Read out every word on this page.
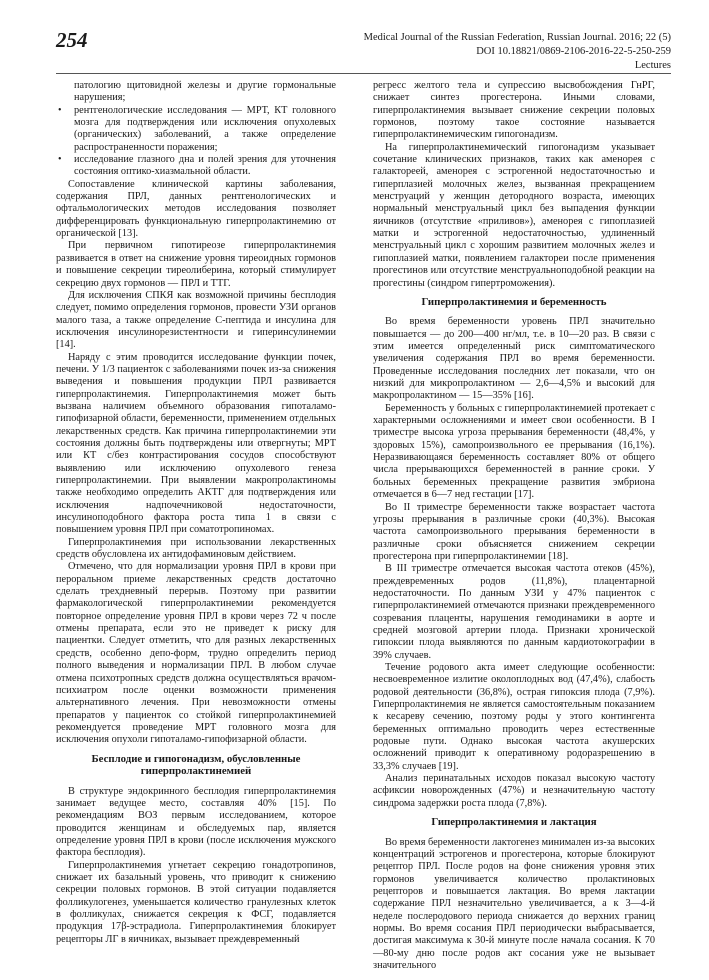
254	Medical Journal of the Russian Federation, Russian Journal. 2016; 22 (5)
DOI 10.18821/0869-2106-2016-22-5-250-259
Lectures

патологию щитовидной железы и другие гормональные нарушения;

• рентгенологические исследования — МРТ, КТ головного мозга для подтверждения или исключения опухолевых (органических) заболеваний, а также определение распространенности поражения;
• исследование глазного дна и полей зрения для уточнения состояния оптико-хиазмальной области.

Сопоставление клинической картины заболевания, содержания ПРЛ, данных рентгенологических и офтальмологических методов исследования позволяет дифференцировать функциональную гиперпролактинемию от органической [13].

При первичном гипотиреозе гиперпролактинемия развивается в ответ на снижение уровня тиреоидных гормонов и повышение секреции тиреолиберина, который стимулирует секрецию двух гормонов — ПРЛ и ТТГ.

Для исключения СПКЯ как возможной причины бесплодия следует, помимо определения гормонов, провести УЗИ органов малого таза, а также определение С-пептида и инсулина для исключения инсулинорезистентности и гиперинсулинемии [14].

Наряду с этим проводится исследование функции почек, печени. У 1/3 пациенток с заболеваниями почек из-за снижения выведения и повышения продукции ПРЛ развивается гиперпролактинемия. Гиперпролактинемия может быть вызвана наличием объемного образования гипоталамо-гипофизарной области, беременности, применением отдельных лекарственных средств. Как причина гиперпролактинемии эти состояния должны быть подтверждены или отвергнуты; МРТ или КТ с/без контрастирования сосудов способствуют выявлению или исключению опухолевого генеза гиперпролактинемии. При выявлении макропролактиномы также необходимо определить АКТГ для подтверждения или исключения надпочечниковой недостаточности, инсулиноподобного фактора роста типа 1 в связи с повышением уровня ПРЛ при соматотропиномах.

Гиперпролактинемия при использовании лекарственных средств обусловлена их антидофаминовым действием.

Отмечено, что для нормализации уровня ПРЛ в крови при пероральном приеме лекарственных средств достаточно сделать трехдневный перерыв. Поэтому при развитии фармакологической гиперпролактинемии рекомендуется повторное определение уровня ПРЛ в крови через 72 ч после отмены препарата, если это не приведет к риску для пациентки. Следует отметить, что для разных лекарственных средств, особенно депо-форм, трудно определить период полного выведения и нормализации ПРЛ. В любом случае отмена психотропных средств должна осуществляться врачом-психиатром после оценки возможности применения альтернативного лечения. При невозможности отмены препаратов у пациенток со стойкой гиперпролактинемией рекомендуется проведение МРТ головного мозга для исключения опухоли гипоталамо-гипофизарной области.

Бесплодие и гипогонадизм, обусловленные гиперпролактинемией

В структуре эндокринного бесплодия гиперпролактинемия занимает ведущее место, составляя 40% [15]. По рекомендациям ВОЗ первым исследованием, которое проводится женщинам и обследуемых пар, является определение уровня ПРЛ в крови (после исключения мужского фактора бесплодия).

Гиперпролактинемия угнетает секрецию гонадотропинов, снижает их базальный уровень, что приводит к снижению секреции половых гормонов. В этой ситуации подавляется фолликулогенез, уменьшается количество гранулезных клеток в фолликулах, снижается секреция к ФСГ, подавляется продукция 17β-эстрадиола. Гиперпролактинемия блокирует рецепторы ЛГ в яичниках, вызывает преждевременный

регресс желтого тела и супрессию высвобождения ГнРГ, снижает синтез прогестерона. Иными словами, гиперпролактинемия вызывает снижение секреции половых гормонов, поэтому такое состояние называется гиперпролактинемическим гипогонадизм.

На гиперпролактинемический гипогонадизм указывает сочетание клинических признаков, таких как аменорея с галактореей, аменорея с эстрогенной недостаточностью и гиперплазией молочных желез, вызванная прекращением менструаций у женщин детородного возраста, имеющих нормальный менструальный цикл без выпадения функции яичников (отсутствие «приливов»), аменорея с гипоплазией матки и эстрогенной недостаточностью, удлиненный менструальный цикл с хорошим развитием молочных желез и гипоплазией матки, появлением галактореи после применения прогестинов или отсутствие менструальноподобной реакции на прогестины (синдром гипертроможения).

Гиперпролактинемия и беременность

Во время беременности уровень ПРЛ значительно повышается — до 200—400 нг/мл, т.е. в 10—20 раз. В связи с этим имеется определенный риск симптоматического увеличения содержания ПРЛ во время беременности. Проведенные исследования последних лет показали, что он низкий для микропролактином — 2,6—4,5% и высокий для макропролактином — 15—35% [16].

Беременность у больных с гиперпролактинемией протекает с характерными осложнениями и имеет свои особенности. В I триместре высока угроза прерывания беременности (48,4%, у здоровых 15%), самопроизвольного ее прерывания (16,1%). Неразвивающаяся беременность составляет 80% от общего числа прерывающихся беременностей в ранние сроки. У больных беременных прекращение развития эмбриона отмечается в 6—7 нед гестации [17].

Во II триместре беременности также возрастает частота угрозы прерывания в различные сроки (40,3%). Высокая частота самопроизвольного прерывания беременности в различные сроки объясняется снижением секреции прогестерона при гиперпролактинемии [18].

В III триместре отмечается высокая частота отеков (45%), преждевременных родов (11,8%), плацентарной недостаточности. По данным УЗИ у 47% пациенток с гиперпролактинемией отмечаются признаки преждевременного созревания плаценты, нарушения гемодинамики в аорте и средней мозговой артерии плода. Признаки хронической гипоксии плода выявляются по данным кардиотокографии в 39% случаев.

Течение родового акта имеет следующие особенности: несвоевременное излитие околоплодных вод (47,4%), слабость родовой деятельности (36,8%), острая гипоксия плода (7,9%). Гиперпролактинемия не является самостоятельным показанием к кесареву сечению, поэтому роды у этого контингента беременных оптимально проводить через естественные родовые пути. Однако высокая частота акушерских осложнений приводит к оперативному родоразрешению в 33,3% случаев [19].

Анализ перинатальных исходов показал высокую частоту асфиксии новорожденных (47%) и незначительную частоту синдрома задержки роста плода (7,8%).

Гиперпролактинемия и лактация

Во время беременности лактогенез минимален из-за высоких концентраций эстрогенов и прогестерона, которые блокируют рецептор ПРЛ. После родов на фоне снижения уровня этих гормонов увеличивается количество пролактиновых рецепторов и повышается лактация. Во время лактации содержание ПРЛ незначительно увеличивается, а к 3—4-й неделе послеродового периода снижается до верхних границ нормы. Во время сосания ПРЛ периодически выбрасывается, достигая максимума к 30-й минуте после начала сосания. К 70—80-му дню после родов акт сосания уже не вызывает значительного
